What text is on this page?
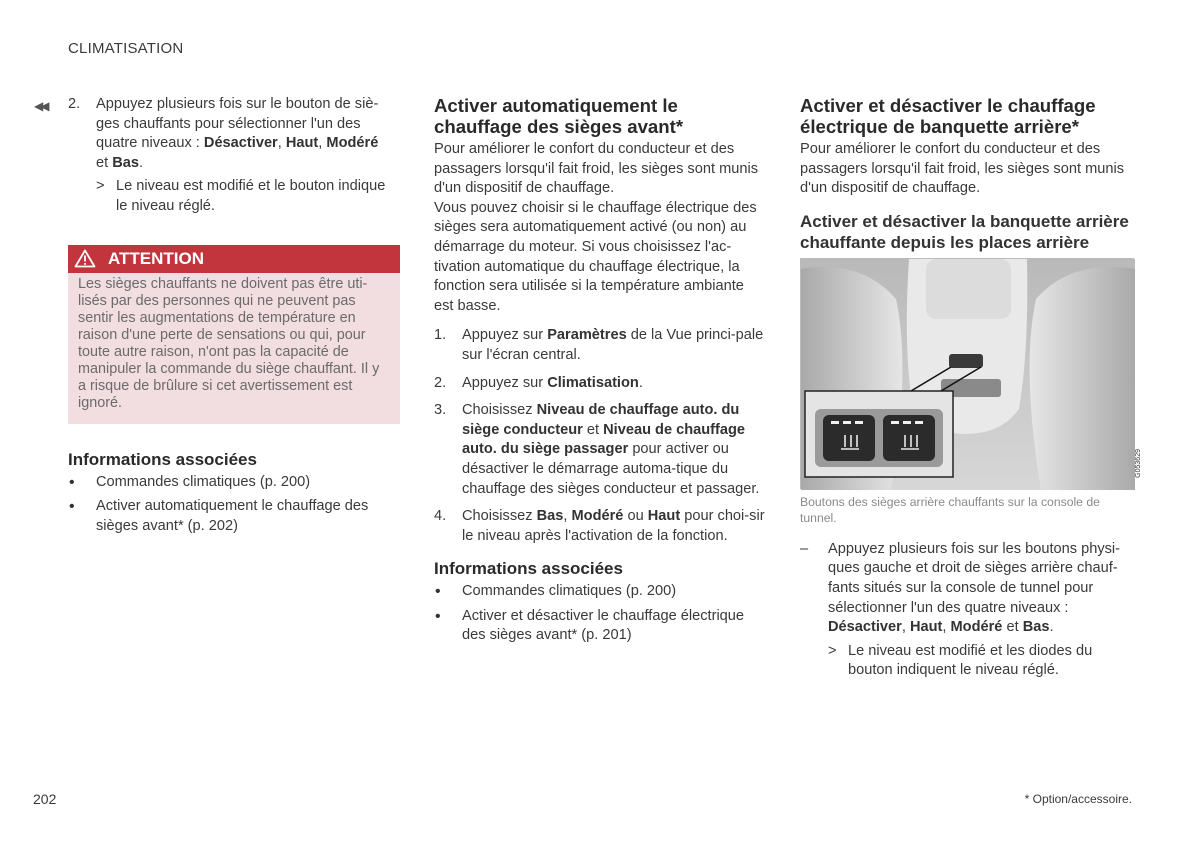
CLIMATISATION
◀◀ 2. Appuyez plusieurs fois sur le bouton de siè-ges chauffants pour sélectionner l'un des quatre niveaux : Désactiver, Haut, Modéré
et Bas.
> Le niveau est modifié et le bouton indique le niveau réglé.
ATTENTION
Les sièges chauffants ne doivent pas être uti-lisés par des personnes qui ne peuvent pas sentir les augmentations de température en raison d'une perte de sensations ou qui, pour toute autre raison, n'ont pas la capacité de manipuler la commande du siège chauffant. Il y a risque de brûlure si cet avertissement est ignoré.
Informations associées
• Commandes climatiques (p. 200)
• Activer automatiquement le chauffage des sièges avant* (p. 202)
Activer automatiquement le chauffage des sièges avant*
Pour améliorer le confort du conducteur et des passagers lorsqu'il fait froid, les sièges sont munis d'un dispositif de chauffage.
Vous pouvez choisir si le chauffage électrique des sièges sera automatiquement activé (ou non) au démarrage du moteur. Si vous choisissez l'ac-tivation automatique du chauffage électrique, la fonction sera utilisée si la température ambiante est basse.
1. Appuyez sur Paramètres de la Vue princi-pale sur l'écran central.
2. Appuyez sur Climatisation.
3. Choisissez Niveau de chauffage auto. du siège conducteur et Niveau de chauffage auto. du siège passager pour activer ou désactiver le démarrage automa-tique du chauffage des sièges conducteur et passager.
4. Choisissez Bas, Modéré ou Haut pour choi-sir le niveau après l'activation de la fonction.
Informations associées
• Commandes climatiques (p. 200)
• Activer et désactiver le chauffage électrique des sièges avant* (p. 201)
Activer et désactiver le chauffage électrique de banquette arrière*
Pour améliorer le confort du conducteur et des passagers lorsqu'il fait froid, les sièges sont munis d'un dispositif de chauffage.
Activer et désactiver la banquette arrière chauffante depuis les places arrière
G053629
Boutons des sièges arrière chauffants sur la console de tunnel.
– Appuyez plusieurs fois sur les boutons physi-ques gauche et droit de sièges arrière chauf-fants situés sur la console de tunnel pour sélectionner l'un des quatre niveaux : Désactiver, Haut, Modéré et Bas.
> Le niveau est modifié et les diodes du bouton indiquent le niveau réglé.
202	* Option/accessoire.
